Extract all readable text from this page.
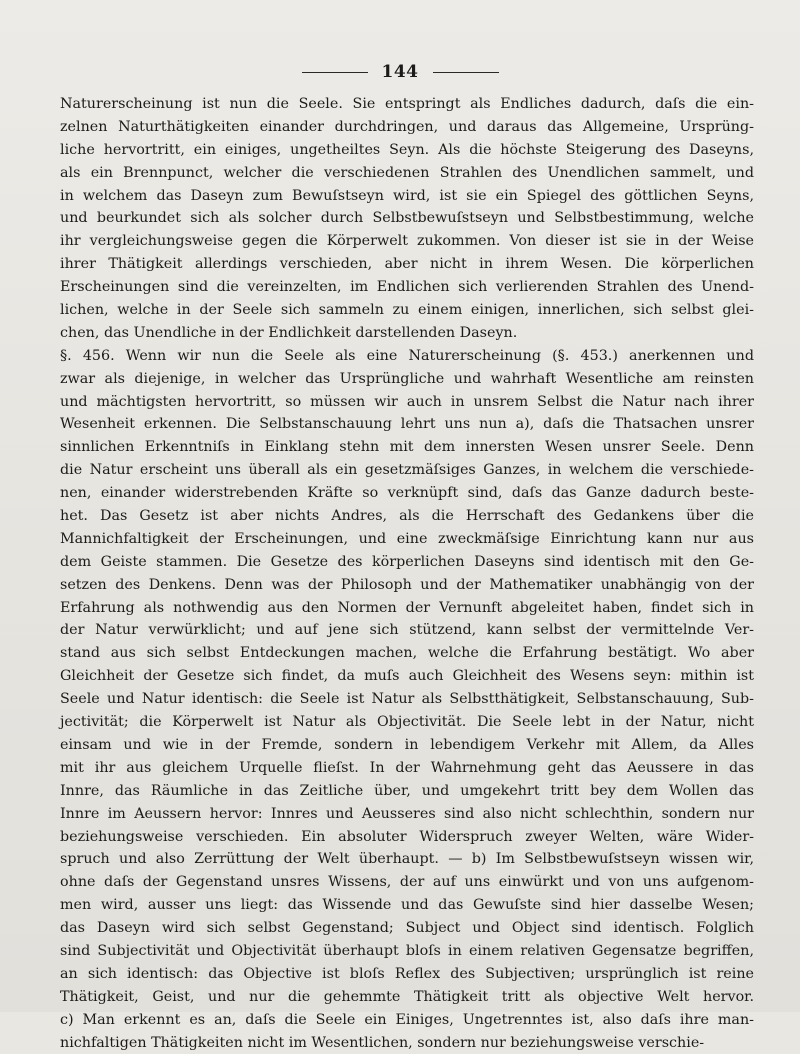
144
Naturerscheinung ist nun die Seele. Sie entspringt als Endliches dadurch, daſs die ein-
zelnen Naturthätigkeiten einander durchdringen, und daraus das Allgemeine, Ursprüng-
liche hervortritt, ein einiges, ungetheiltes Seyn. Als die höchste Steigerung des Daseyns,
als ein Brennpunct, welcher die verschiedenen Strahlen des Unendlichen sammelt, und
in welchem das Daseyn zum Bewuſstseyn wird, ist sie ein Spiegel des göttlichen Seyns,
und beurkundet sich als solcher durch Selbstbewuſstseyn und Selbstbestimmung, welche
ihr vergleichungsweise gegen die Körperwelt zukommen. Von dieser ist sie in der Weise
ihrer Thätigkeit allerdings verschieden, aber nicht in ihrem Wesen. Die körperlichen
Erscheinungen sind die vereinzelten, im Endlichen sich verlierenden Strahlen des Unend-
lichen, welche in der Seele sich sammeln zu einem einigen, innerlichen, sich selbst glei-
chen, das Unendliche in der Endlichkeit darstellenden Daseyn.
§. 456. Wenn wir nun die Seele als eine Naturerscheinung (§. 453.) anerkennen und
zwar als diejenige, in welcher das Ursprüngliche und wahrhaft Wesentliche am reinsten
und mächtigsten hervortritt, so müssen wir auch in unsrem Selbst die Natur nach ihrer
Wesenheit erkennen. Die Selbstanschauung lehrt uns nun a), daſs die Thatsachen unsrer
sinnlichen Erkenntniſs in Einklang stehn mit dem innersten Wesen unsrer Seele. Denn
die Natur erscheint uns überall als ein gesetzmäſsiges Ganzes, in welchem die verschiede-
nen, einander widerstrebenden Kräfte so verknüpft sind, daſs das Ganze dadurch beste-
het. Das Gesetz ist aber nichts Andres, als die Herrschaft des Gedankens über die
Mannichfaltigkeit der Erscheinungen, und eine zweckmäſsige Einrichtung kann nur aus
dem Geiste stammen. Die Gesetze des körperlichen Daseyns sind identisch mit den Ge-
setzen des Denkens. Denn was der Philosoph und der Mathematiker unabhängig von der
Erfahrung als nothwendig aus den Normen der Vernunft abgeleitet haben, findet sich in
der Natur verwürklicht; und auf jene sich stützend, kann selbst der vermittelnde Ver-
stand aus sich selbst Entdeckungen machen, welche die Erfahrung bestätigt. Wo aber
Gleichheit der Gesetze sich findet, da muſs auch Gleichheit des Wesens seyn: mithin ist
Seele und Natur identisch: die Seele ist Natur als Selbstthätigkeit, Selbstanschauung, Sub-
jectivität; die Körperwelt ist Natur als Objectivität. Die Seele lebt in der Natur, nicht
einsam und wie in der Fremde, sondern in lebendigem Verkehr mit Allem, da Alles
mit ihr aus gleichem Urquelle flieſst. In der Wahrnehmung geht das Aeussere in das
Innre, das Räumliche in das Zeitliche über, und umgekehrt tritt bey dem Wollen das
Innre im Aeussern hervor: Innres und Aeusseres sind also nicht schlechthin, sondern nur
beziehungsweise verschieden. Ein absoluter Widerspruch zweyer Welten, wäre Wider-
spruch und also Zerrüttung der Welt überhaupt. — b) Im Selbstbewuſstseyn wissen wir,
ohne daſs der Gegenstand unsres Wissens, der auf uns einwürkt und von uns aufgenom-
men wird, ausser uns liegt: das Wissende und das Gewuſste sind hier dasselbe Wesen;
das Daseyn wird sich selbst Gegenstand; Subject und Object sind identisch. Folglich
sind Subjectivität und Objectivität überhaupt bloſs in einem relativen Gegensatze begriffen,
an sich identisch: das Objective ist bloſs Reflex des Subjectiven; ursprünglich ist reine
Thätigkeit, Geist, und nur die gehemmte Thätigkeit tritt als objective Welt hervor.
c) Man erkennt es an, daſs die Seele ein Einiges, Ungetrenntes ist, also daſs ihre man-
nichfaltigen Thätigkeiten nicht im Wesentlichen, sondern nur beziehungsweise verschie-
